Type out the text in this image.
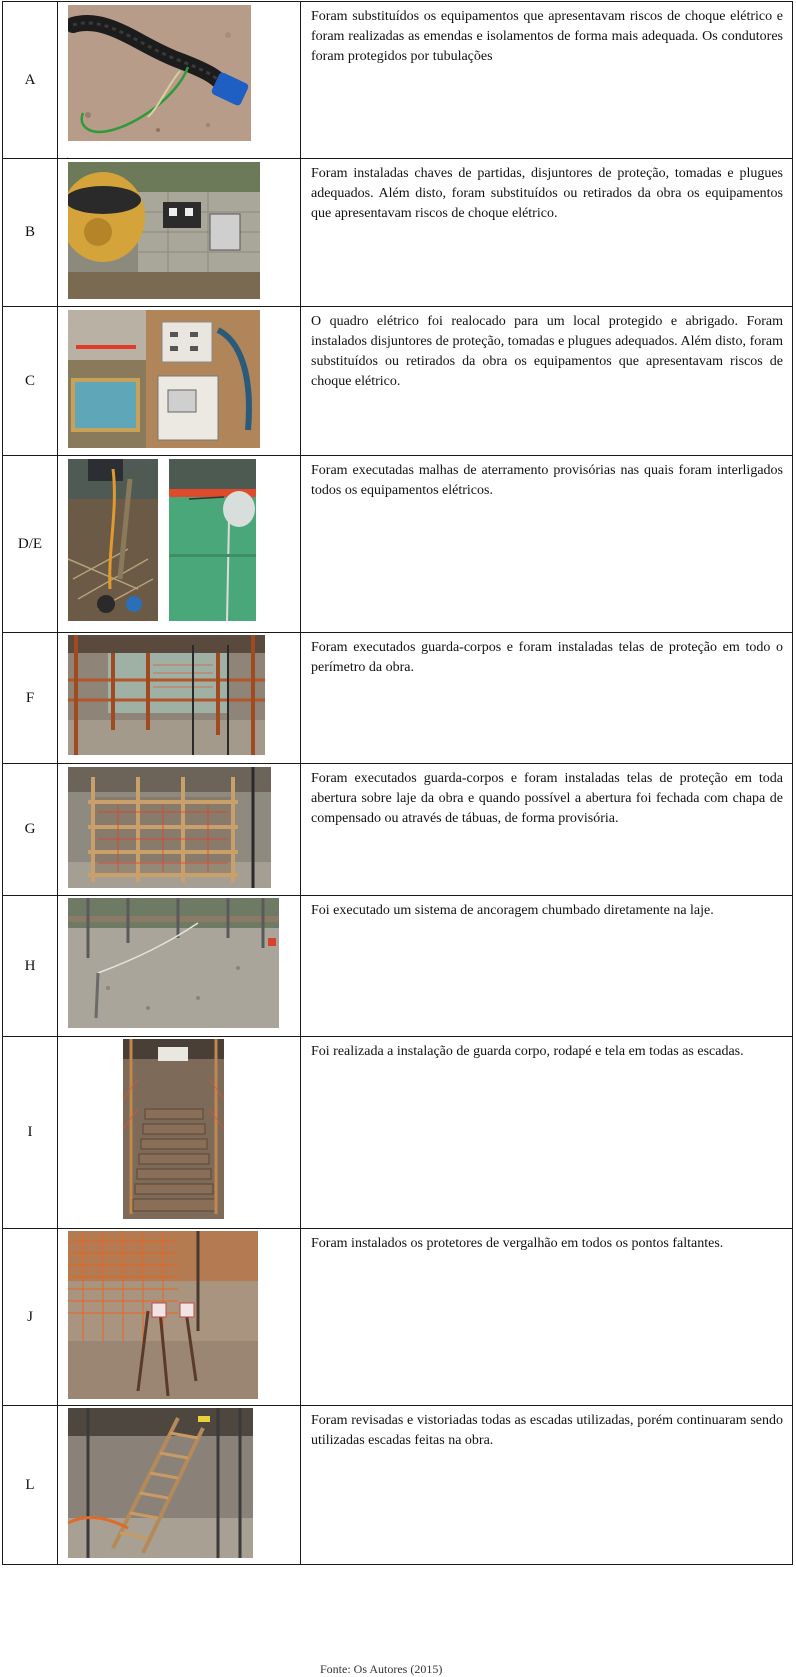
A	.	Foram substituídos os equipamentos que apresentavam riscos de choque elétrico e foram realizadas as emendas e isolamentos de forma mais adequada. Os condutores foram protegidos por tubulações
B		Foram instaladas chaves de partidas, disjuntores de proteção, tomadas e plugues adequados. Além disto, foram substituídos ou retirados da obra os equipamentos que apresentavam riscos de choque elétrico.
C		O quadro elétrico foi realocado para um local protegido e abrigado. Foram instalados disjuntores de proteção, tomadas e plugues adequados. Além disto, foram substituídos ou retirados da obra os equipamentos que apresentavam riscos de choque elétrico.
D/E		Foram executadas malhas de aterramento provisórias nas quais foram interligados todos os equipamentos elétricos.
F		Foram executados guarda-corpos e foram instaladas telas de proteção em todo o perímetro da obra.
G		Foram executados guarda-corpos e foram instaladas telas de proteção em toda abertura sobre laje da obra e quando possível a abertura foi fechada com chapa de compensado ou através de tábuas, de forma provisória.
H		Foi executado um sistema de ancoragem chumbado diretamente na laje.
I		Foi realizada a instalação de guarda corpo, rodapé e tela em todas as escadas.
J		Foram instalados os protetores de vergalhão em todos os pontos faltantes.
L		Foram revisadas e vistoriadas todas as escadas utilizadas, porém continuaram sendo utilizadas escadas feitas na obra.
Fonte: Os Autores (2015)
